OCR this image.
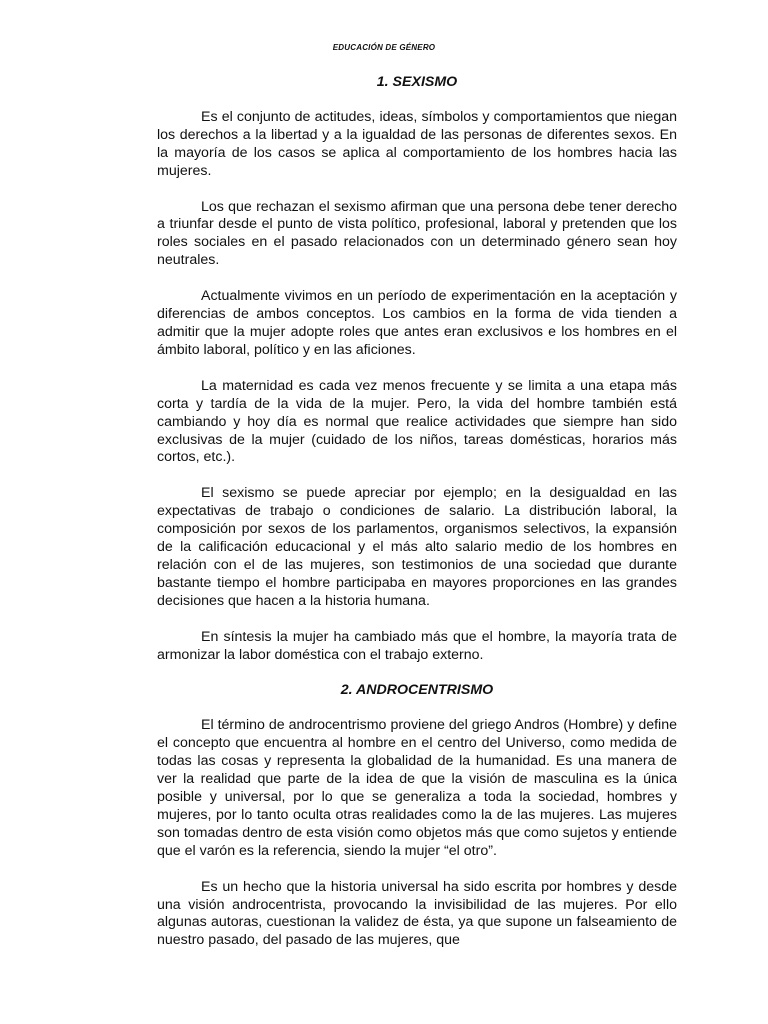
EDUCACIÓN DE GÉNERO
1. SEXISMO

Es el conjunto de actitudes, ideas, símbolos y comportamientos que niegan los derechos a la libertad y a la igualdad de las personas de diferentes sexos. En la mayoría de los casos se aplica al comportamiento de los hombres hacia las mujeres.

Los que rechazan el sexismo afirman que una persona debe tener derecho a triunfar desde el punto de vista político, profesional, laboral y pretenden que los roles sociales en el pasado relacionados con un determinado género sean hoy neutrales.

Actualmente vivimos en un período de experimentación en la aceptación y diferencias de ambos conceptos. Los cambios en la forma de vida tienden a admitir que la mujer adopte roles que antes eran exclusivos e los hombres en el ámbito laboral, político y en las aficiones.

La maternidad es cada vez menos frecuente y se limita a una etapa más corta y tardía de la vida de la mujer. Pero, la vida del hombre también está cambiando y hoy día es normal que realice actividades que siempre han sido exclusivas de la mujer (cuidado de los niños, tareas domésticas, horarios más cortos, etc.).

El sexismo se puede apreciar por ejemplo; en la desigualdad en las expectativas de trabajo o condiciones de salario. La distribución laboral, la composición por sexos de los parlamentos, organismos selectivos, la expansión de la calificación educacional y el más alto salario medio de los hombres en relación con el de las mujeres, son testimonios de una sociedad que durante bastante tiempo el hombre participaba en mayores proporciones en las grandes decisiones que hacen a la historia humana.

En síntesis la mujer ha cambiado más que el hombre, la mayoría trata de armonizar la labor doméstica con el trabajo externo.

2. ANDROCENTRISMO

El término de androcentrismo proviene del griego Andros (Hombre) y define el concepto que encuentra al hombre en el centro del Universo, como medida de todas las cosas y representa la globalidad de la humanidad. Es una manera de ver la realidad que parte de la idea de que la visión de masculina es la única posible y universal, por lo que se generaliza a toda la sociedad, hombres y mujeres, por lo tanto oculta otras realidades como la de las mujeres. Las mujeres son tomadas dentro de esta visión como objetos más que como sujetos y entiende que el varón es la referencia, siendo la mujer “el otro”.

Es un hecho que la historia universal ha sido escrita por hombres y desde una visión androcentrista, provocando la invisibilidad de las mujeres. Por ello algunas autoras, cuestionan la validez de ésta, ya que supone un falseamiento de nuestro pasado, del pasado de las mujeres, que
